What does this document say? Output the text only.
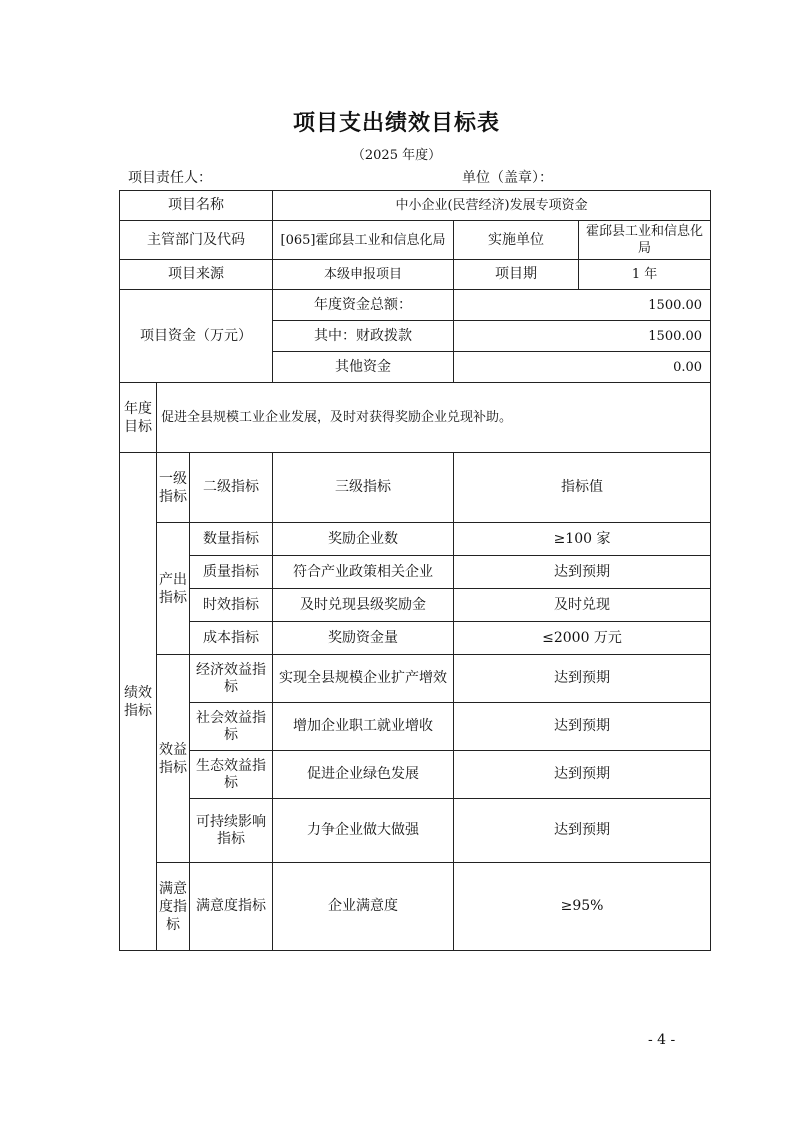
项目支出绩效目标表
（2025 年度）
项目责任人：	单位（盖章）：
项目名称			中小企业(民营经济)发展专项资金		
主管部门及代码			[065]霍邱县工业和信息化局	实施单位	霍邱县工业和信息化局
项目来源			本级申报项目	项目期	1 年
项目资金（万元）			年度资金总额：	1500.00	
			其中：财政拨款	1500.00	
			其他资金	0.00	
年度目标	促进全县规模工业企业发展，及时对获得奖励企业兑现补助。				
绩效指标	一级指标	二级指标	三级指标	指标值	
	产出指标	数量指标	奖励企业数	≥100 家	
		质量指标	符合产业政策相关企业	达到预期	
		时效指标	及时兑现县级奖励金	及时兑现	
		成本指标	奖励资金量	≤2000 万元	
	效益指标	经济效益指标	实现全县规模企业扩产增效	达到预期	
		社会效益指标	增加企业职工就业增收	达到预期	
		生态效益指标	促进企业绿色发展	达到预期	
		可持续影响指标	力争企业做大做强	达到预期	
	满意度指标	满意度指标	企业满意度	≥95%	
- 4 -
